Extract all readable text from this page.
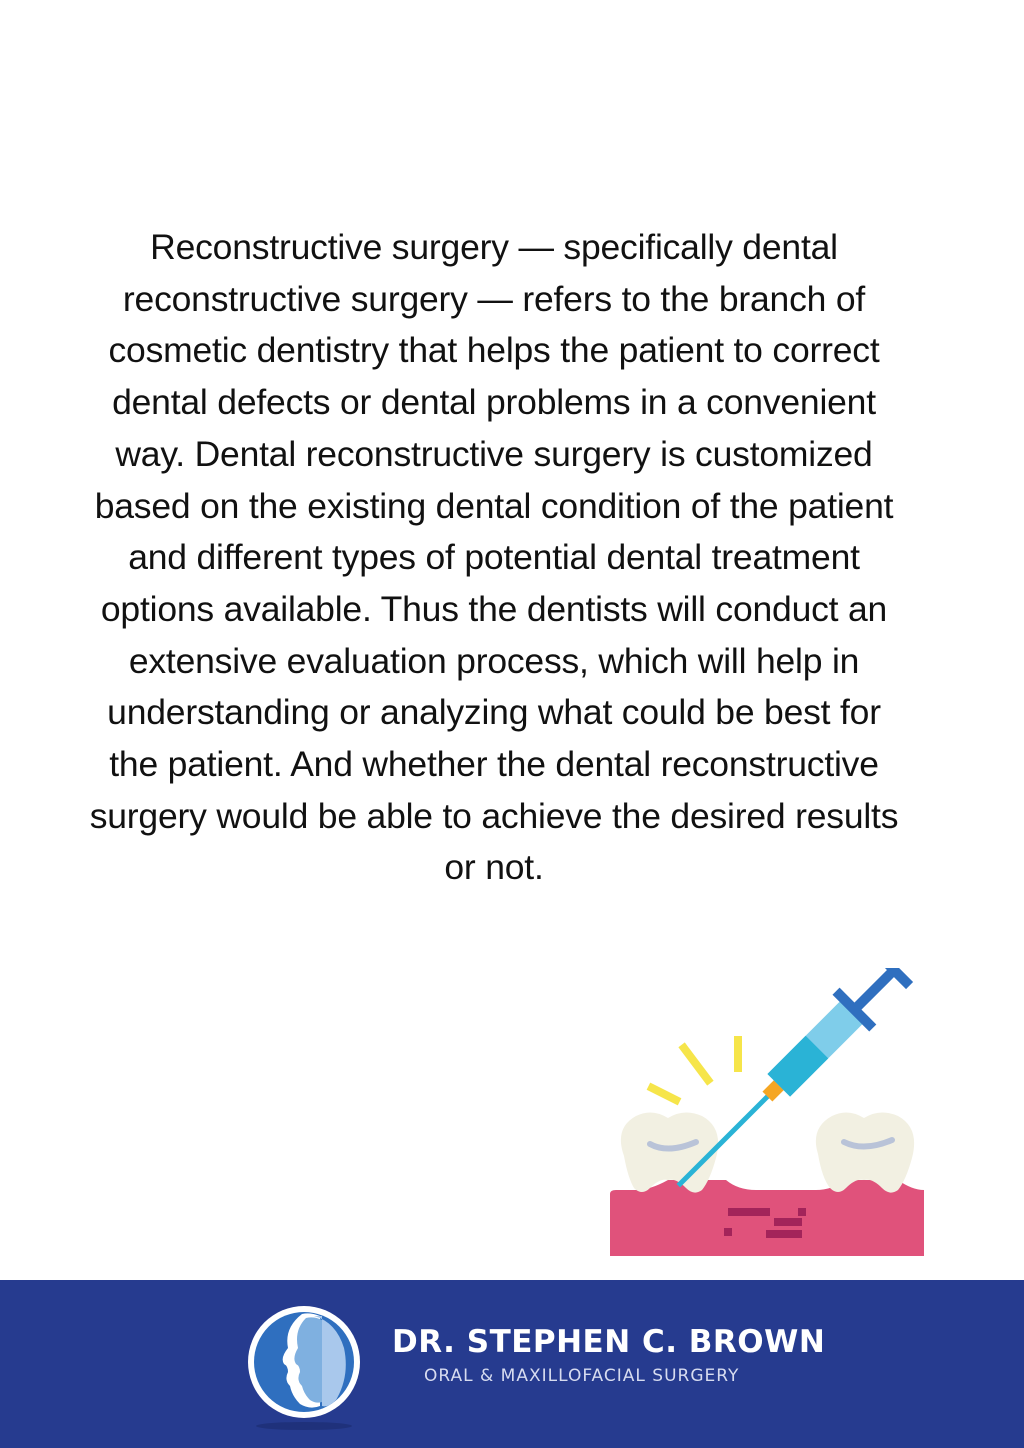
Reconstructive surgery — specifically dental reconstructive surgery — refers to the branch of cosmetic dentistry that helps the patient to correct dental defects or dental problems in a convenient way. Dental reconstructive surgery is customized based on the existing dental condition of the patient and different types of potential dental treatment options available. Thus the dentists will conduct an extensive evaluation process, which will help in understanding or analyzing what could be best for the patient. And whether the dental reconstructive surgery would be able to achieve the desired results or not.
DR. STEPHEN C. BROWN
ORAL & MAXILLOFACIAL SURGERY
